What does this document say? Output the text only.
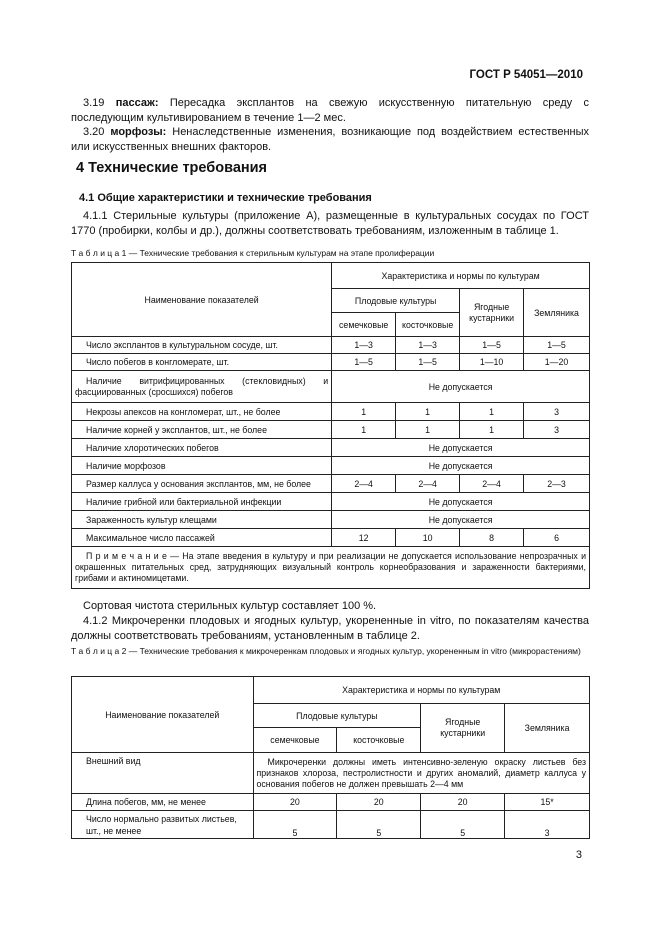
ГОСТ Р 54051—2010
3.19 пассаж: Пересадка эксплантов на свежую искусственную питательную среду с последующим культивированием в течение 1—2 мес.
3.20 морфозы: Ненаследственные изменения, возникающие под воздействием естественных или искусственных внешних факторов.
4 Технические требования
4.1 Общие характеристики и технические требования
4.1.1 Стерильные культуры (приложение А), размещенные в культуральных сосудах по ГОСТ 1770 (пробирки, колбы и др.), должны соответствовать требованиям, изложенным в таблице 1.
Т а б л и ц а 1 — Технические требования к стерильным культурам на этапе пролиферации
Наименование показателей	Характеристика и нормы по культурам			
	Плодовые культуры		Ягодные кустарники	Земляника
	семечковые	косточковые		
Число эксплантов в культуральном сосуде, шт.	1—3	1—3	1—5	1—5
Число побегов в конгломерате, шт.	1—5	1—5	1—10	1—20
Наличие витрифицированных (стекловидных) и фасциированных (сросшихся) побегов	Не допускается			
Некрозы апексов на конгломерат, шт., не более	1	1	1	3
Наличие корней у эксплантов, шт., не более	1	1	1	3
Наличие хлоротических побегов	Не допускается			
Наличие морфозов	Не допускается			
Размер каллуса у основания эксплантов, мм, не более	2—4	2—4	2—4	2—3
Наличие грибной или бактериальной инфекции	Не допускается			
Зараженность культур клещами	Не допускается			
Максимальное число пассажей	12	10	8	6
П р и м е ч а н и е — На этапе введения в культуру и при реализации не допускается использование непрозрачных и окрашенных питательных сред, затрудняющих визуальный контроль корнеобразования и зараженности бактериями, грибами и актиномицетами.				
Сортовая чистота стерильных культур составляет 100 %.
4.1.2 Микрочеренки плодовых и ягодных культур, укорененные in vitro, по показателям качества должны соответствовать требованиям, установленным в таблице 2.
Т а б л и ц а 2 — Технические требования к микрочеренкам плодовых и ягодных культур, укорененным in vitro (микрорастениям)
Наименование показателей	Характеристика и нормы по культурам			
	Плодовые культуры		Ягодные кустарники	Земляника
	семечковые	косточковые		
Внешний вид	Микрочеренки должны иметь интенсивно-зеленую окраску листьев без признаков хлороза, пестролистности и других аномалий, диаметр каллуса у основания побегов не должен превышать 2—4 мм			
Длина побегов, мм, не менее	20	20	20	15*
Число нормально развитых листьев, шт., не менее	5	5	5	3
3
